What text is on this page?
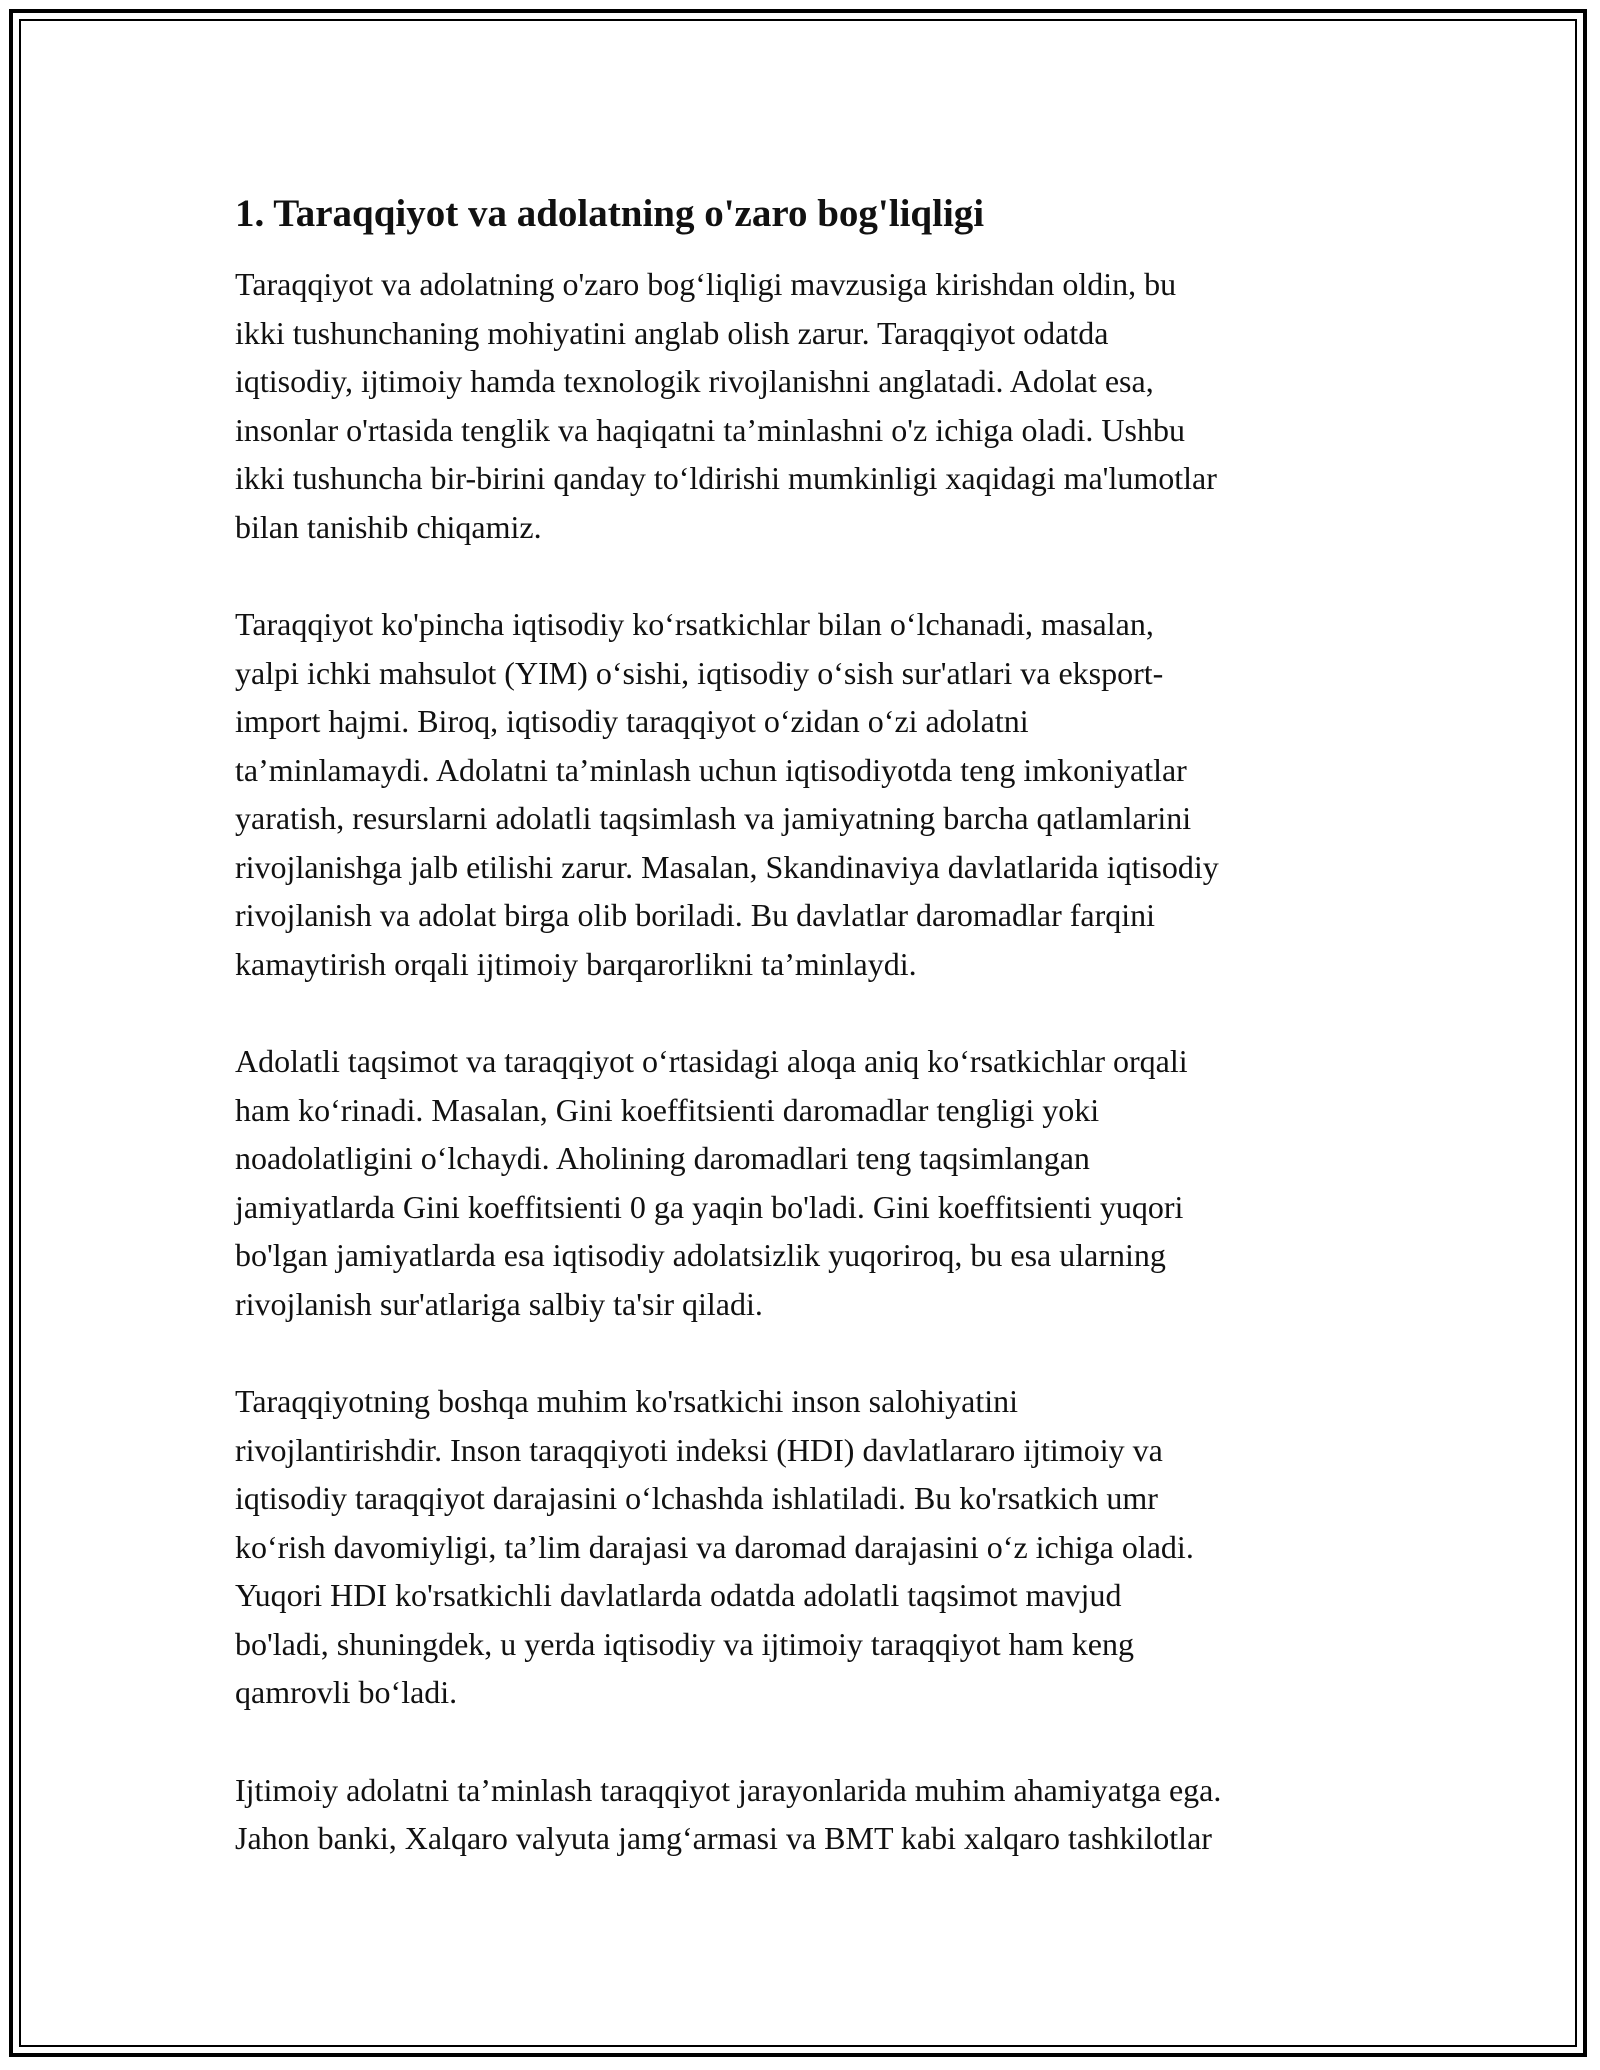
1. Taraqqiyot va adolatning o'zaro bog'liqligi

Taraqqiyot va adolatning o'zaro bog‘liqligi mavzusiga kirishdan oldin, bu
ikki tushunchaning mohiyatini anglab olish zarur. Taraqqiyot odatda
iqtisodiy, ijtimoiy hamda texnologik rivojlanishni anglatadi. Adolat esa,
insonlar o'rtasida tenglik va haqiqatni ta’minlashni o'z ichiga oladi. Ushbu
ikki tushuncha bir-birini qanday to‘ldirishi mumkinligi xaqidagi ma'lumotlar
bilan tanishib chiqamiz.

Taraqqiyot ko'pincha iqtisodiy ko‘rsatkichlar bilan o‘lchanadi, masalan,
yalpi ichki mahsulot (YIM) o‘sishi, iqtisodiy o‘sish sur'atlari va eksport-
import hajmi. Biroq, iqtisodiy taraqqiyot o‘zidan o‘zi adolatni
ta’minlamaydi. Adolatni ta’minlash uchun iqtisodiyotda teng imkoniyatlar
yaratish, resurslarni adolatli taqsimlash va jamiyatning barcha qatlamlarini
rivojlanishga jalb etilishi zarur. Masalan, Skandinaviya davlatlarida iqtisodiy
rivojlanish va adolat birga olib boriladi. Bu davlatlar daromadlar farqini
kamaytirish orqali ijtimoiy barqarorlikni ta’minlaydi.

Adolatli taqsimot va taraqqiyot o‘rtasidagi aloqa aniq ko‘rsatkichlar orqali
ham ko‘rinadi. Masalan, Gini koeffitsienti daromadlar tengligi yoki
noadolatligini o‘lchaydi. Aholining daromadlari teng taqsimlangan
jamiyatlarda Gini koeffitsienti 0 ga yaqin bo'ladi. Gini koeffitsienti yuqori
bo'lgan jamiyatlarda esa iqtisodiy adolatsizlik yuqoriroq, bu esa ularning
rivojlanish sur'atlariga salbiy ta'sir qiladi.

Taraqqiyotning boshqa muhim ko'rsatkichi inson salohiyatini
rivojlantirishdir. Inson taraqqiyoti indeksi (HDI) davlatlararo ijtimoiy va
iqtisodiy taraqqiyot darajasini o‘lchashda ishlatiladi. Bu ko'rsatkich umr
ko‘rish davomiyligi, ta’lim darajasi va daromad darajasini o‘z ichiga oladi.
Yuqori HDI ko'rsatkichli davlatlarda odatda adolatli taqsimot mavjud
bo'ladi, shuningdek, u yerda iqtisodiy va ijtimoiy taraqqiyot ham keng
qamrovli bo‘ladi.

Ijtimoiy adolatni ta’minlash taraqqiyot jarayonlarida muhim ahamiyatga ega.
Jahon banki, Xalqaro valyuta jamg‘armasi va BMT kabi xalqaro tashkilotlar
